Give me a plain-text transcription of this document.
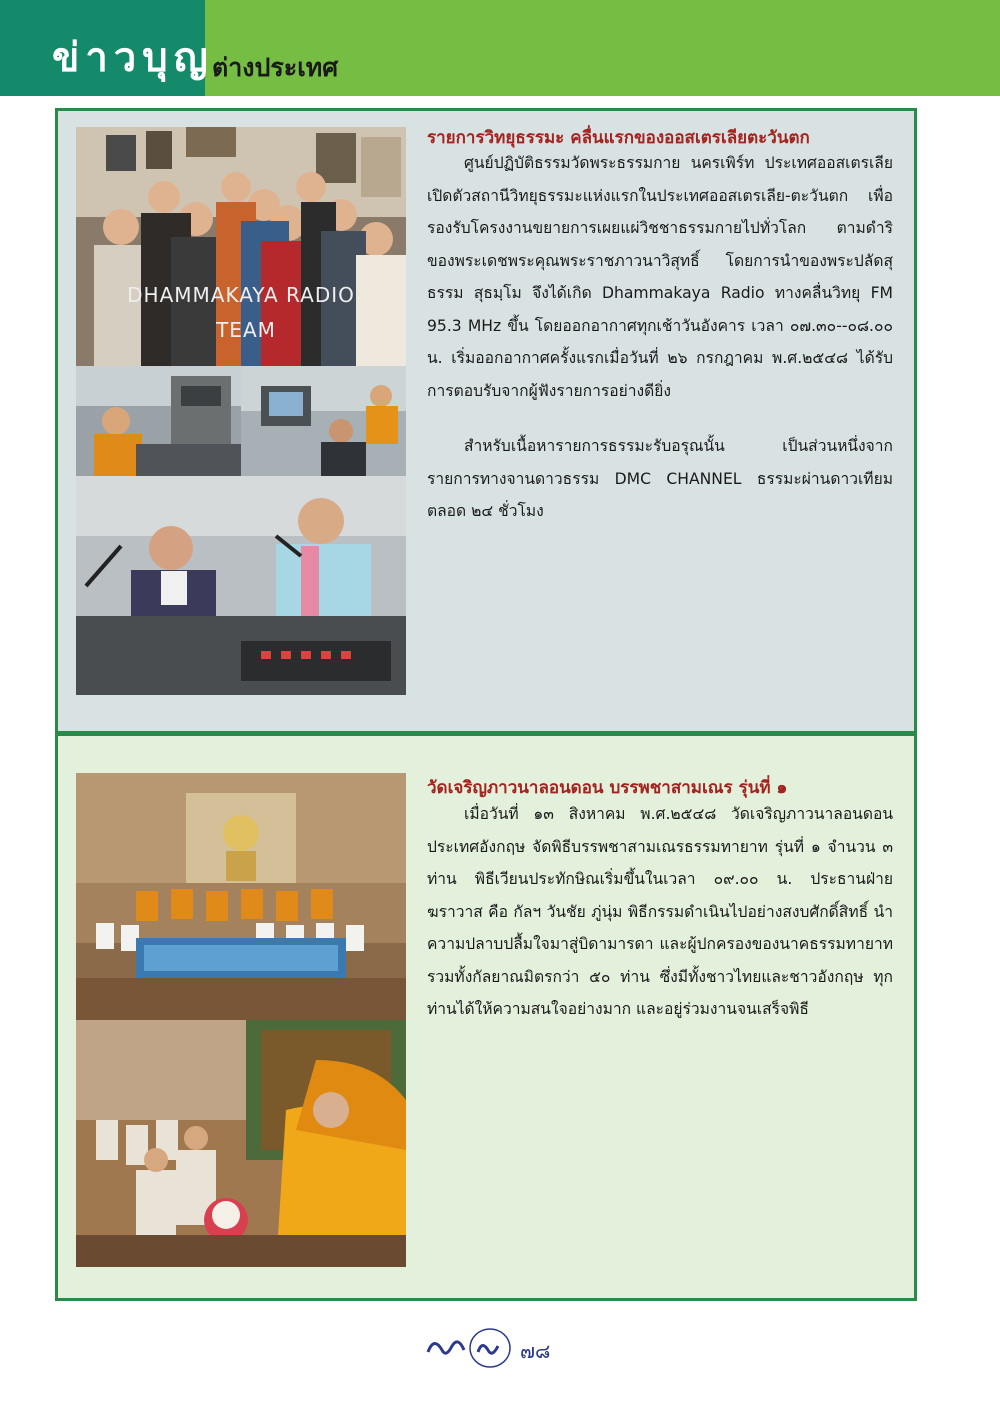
ข่าวบุญ
ต่างประเทศ
DHAMMAKAYA RADIO
TEAM
รายการวิทยุธรรมะ คลื่นแรกของออสเตรเลียตะวันตก

ศูนย์ปฏิบัติธรรมวัดพระธรรมกาย นครเพิร์ท ประเทศออสเตรเลีย เปิดตัวสถานีวิทยุธรรมะแห่งแรกในประเทศออสเตรเลีย-ตะวันตก เพื่อรองรับโครงงานขยายการเผยแผ่วิชชาธรรมกายไปทั่วโลก ตามดำริของพระเดชพระคุณพระราชภาวนาวิสุทธิ์ โดยการนำของพระปลัดสุธรรม สุธมฺโม จึงได้เกิด Dhammakaya Radio ทางคลื่นวิทยุ FM 95.3 MHz ขึ้น โดยออกอากาศทุกเช้าวันอังคาร เวลา ๐๗.๓๐--๐๘.๐๐ น. เริ่มออกอากาศครั้งแรกเมื่อวันที่ ๒๖ กรกฎาคม พ.ศ.๒๕๔๘ ได้รับการตอบรับจากผู้ฟังรายการอย่างดียิ่ง

สำหรับเนื้อหารายการธรรมะรับอรุณนั้น เป็นส่วนหนึ่งจากรายการทางจานดาวธรรม DMC CHANNEL ธรรมะผ่านดาวเทียมตลอด ๒๔ ชั่วโมง

วัดเจริญภาวนาลอนดอน บรรพชาสามเณร รุ่นที่ ๑

เมื่อวันที่ ๑๓ สิงหาคม พ.ศ.๒๕๔๘ วัดเจริญภาวนาลอนดอน ประเทศอังกฤษ จัดพิธีบรรพชาสามเณรธรรมทายาท รุ่นที่ ๑ จำนวน ๓ ท่าน พิธีเวียนประทักษิณเริ่มขึ้นในเวลา ๐๙.๐๐ น. ประธานฝ่ายฆราวาส คือ กัลฯ วันชัย ภู่นุ่ม พิธีกรรมดำเนินไปอย่างสงบศักดิ์สิทธิ์ นำความปลาบปลื้มใจมาสู่บิดามารดา และผู้ปกครองของนาคธรรมทายาท รวมทั้งกัลยาณมิตรกว่า ๕๐ ท่าน ซึ่งมีทั้งชาวไทยและชาวอังกฤษ ทุกท่านได้ให้ความสนใจอย่างมาก และอยู่ร่วมงานจนเสร็จพิธี

อยู่ในบุญ
๗๘
